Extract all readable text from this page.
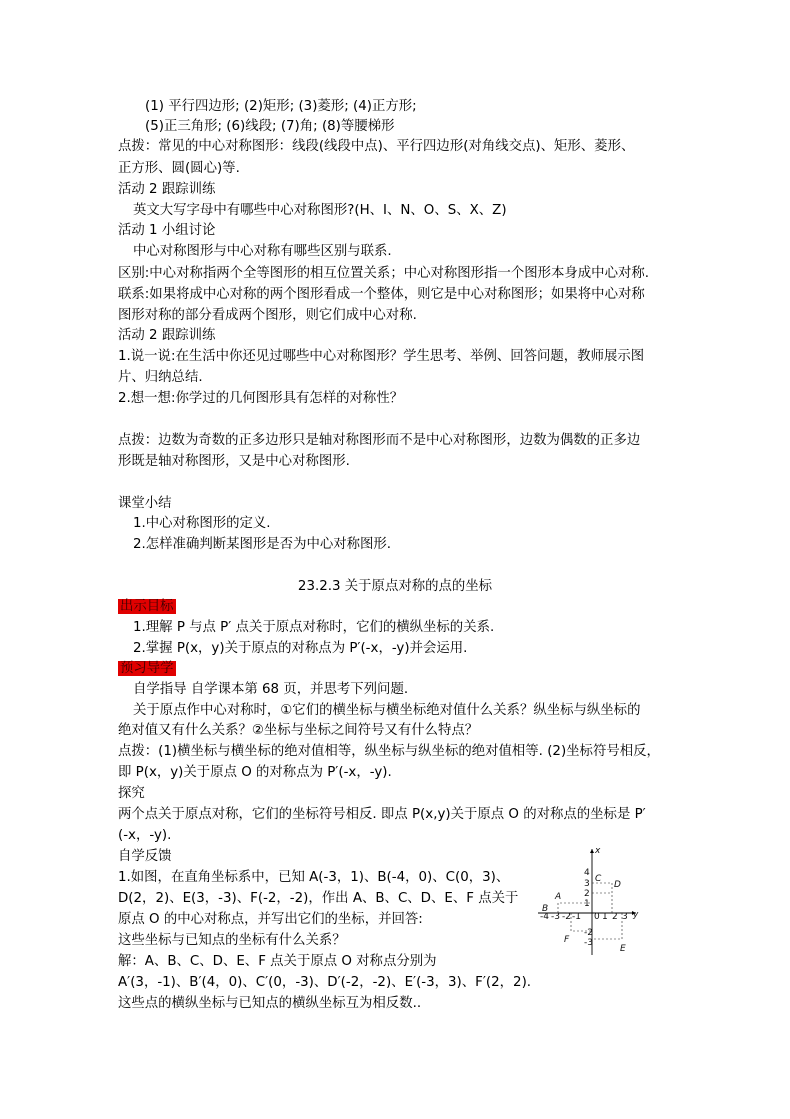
(1) 平行四边形; (2)矩形; (3)菱形; (4)正方形;

(5)正三角形; (6)线段; (7)角; (8)等腰梯形

点拨：常见的中心对称图形：线段(线段中点)、平行四边形(对角线交点)、矩形、菱形、

正方形、圆(圆心)等.

活动 2 跟踪训练

英文大写字母中有哪些中心对称图形?(H、I、N、O、S、X、Z)

活动 1 小组讨论

中心对称图形与中心对称有哪些区别与联系.

区别:中心对称指两个全等图形的相互位置关系；中心对称图形指一个图形本身成中心对称.

联系:如果将成中心对称的两个图形看成一个整体，则它是中心对称图形；如果将中心对称

图形对称的部分看成两个图形，则它们成中心对称.

活动 2 跟踪训练

1.说一说:在生活中你还见过哪些中心对称图形？学生思考、举例、回答问题，教师展示图

片、归纳总结.

2.想一想:你学过的几何图形具有怎样的对称性？

点拨：边数为奇数的正多边形只是轴对称图形而不是中心对称图形，边数为偶数的正多边

形既是轴对称图形，又是中心对称图形.

课堂小结

1.中心对称图形的定义.

2.怎样准确判断某图形是否为中心对称图形.

23.2.3 关于原点对称的点的坐标

出示目标

1.理解 P 与点 P′ 点关于原点对称时，它们的横纵坐标的关系.

2.掌握 P(x，y)关于原点的对称点为 P′(-x，-y)并会运用.

预习导学

自学指导 自学课本第 68 页，并思考下列问题.

关于原点作中心对称时，①它们的横坐标与横坐标绝对值什么关系？纵坐标与纵坐标的

绝对值又有什么关系？②坐标与坐标之间符号又有什么特点？

点拨：(1)横坐标与横坐标的绝对值相等，纵坐标与纵坐标的绝对值相等. (2)坐标符号相反，

即 P(x，y)关于原点 O 的对称点为 P′(-x，-y).

探究

两个点关于原点对称，它们的坐标符号相反. 即点 P(x,y)关于原点 O 的对称点的坐标是 P′

(-x，-y).

自学反馈

1.如图，在直角坐标系中，已知 A(-3，1)、B(-4，0)、C(0，3)、

D(2，2)、E(3，-3)、F(-2，-2)，作出 A、B、C、D、E、F 点关于

原点 O 的中心对称点，并写出它们的坐标，并回答:

这些坐标与已知点的坐标有什么关系？

解：A、B、C、D、E、F 点关于原点 O 对称点分别为

A′(3，-1)、B′(4，0)、C′(0，-3)、D′(-2，-2)、E′(-3，3)、F′(2，2).

这些点的横纵坐标与已知点的横纵坐标互为相反数..

x
y
4
3
2
1
-4 -3 -2 -1 0 1 2 3
-2
-3
A
B
C
D
E
F
